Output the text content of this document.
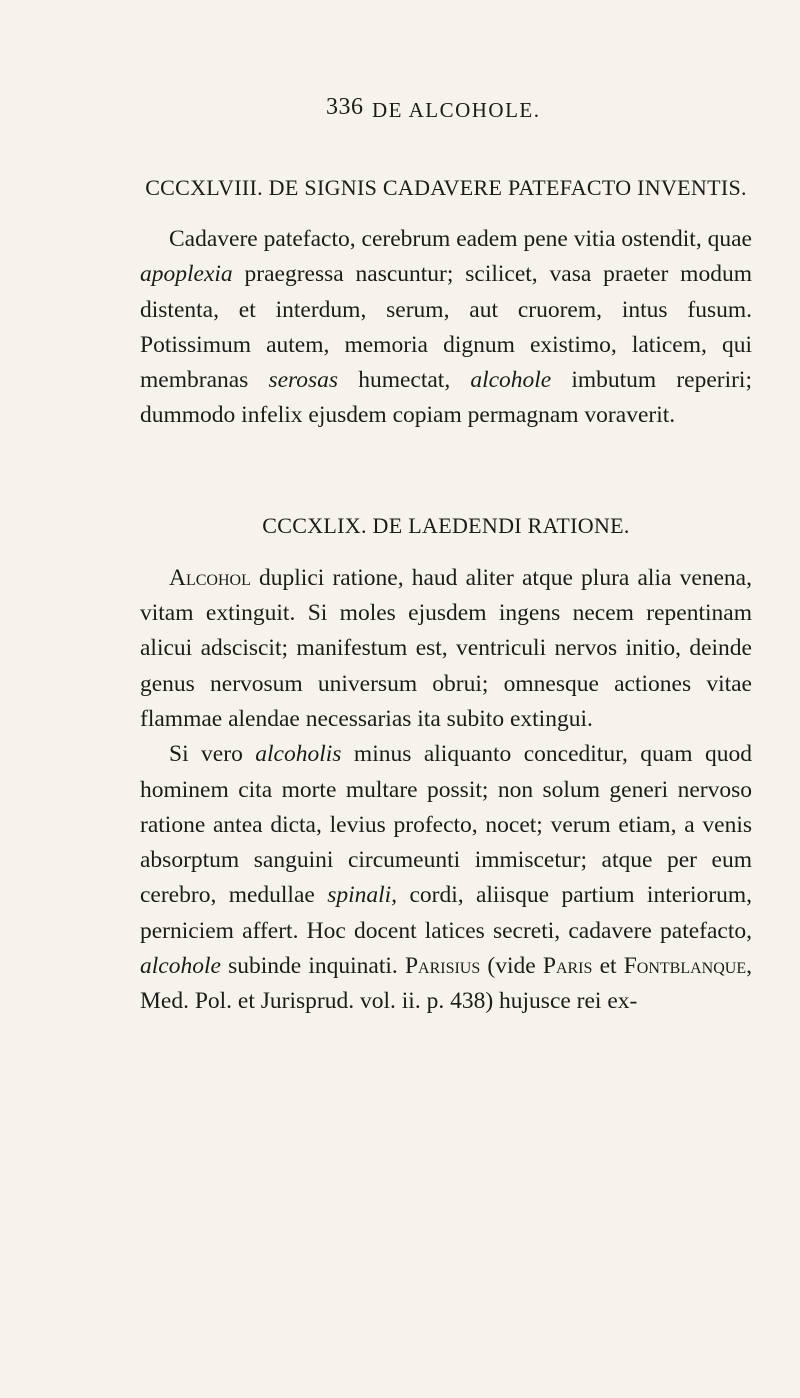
336 DE ALCOHOLE.

CCCXLVIII. DE SIGNIS CADAVERE PATEFACTO INVENTIS.

Cadavere patefacto, cerebrum eadem pene vitia ostendit, quae apoplexia praegressa nascuntur; scilicet, vasa praeter modum distenta, et interdum, serum, aut cruorem, intus fusum. Potissimum autem, memoria dignum existimo, laticem, qui membranas serosas humectat, alcohole imbutum reperiri; dummodo infelix ejusdem copiam permagnam voraverit.

CCCXLIX. DE LAEDENDI RATIONE.

Alcohol duplici ratione, haud aliter atque plura alia venena, vitam extinguit. Si moles ejusdem ingens necem repentinam alicui adsciscit; manifestum est, ventriculi nervos initio, deinde genus nervosum universum obrui; omnesque actiones vitae flammae alendae necessarias ita subito extingui.

Si vero alcoholis minus aliquanto conceditur, quam quod hominem cita morte multare possit; non solum generi nervoso ratione antea dicta, levius profecto, nocet; verum etiam, a venis absorptum sanguini circumeunti immiscetur; atque per eum cerebro, medullae spinali, cordi, aliisque partium interiorum, perniciem affert. Hoc docent latices secreti, cadavere patefacto, alcohole subinde inquinati. Parisius (vide Paris et Fontblanque, Med. Pol. et Jurisprud. vol. ii. p. 438) hujusce rei ex-
